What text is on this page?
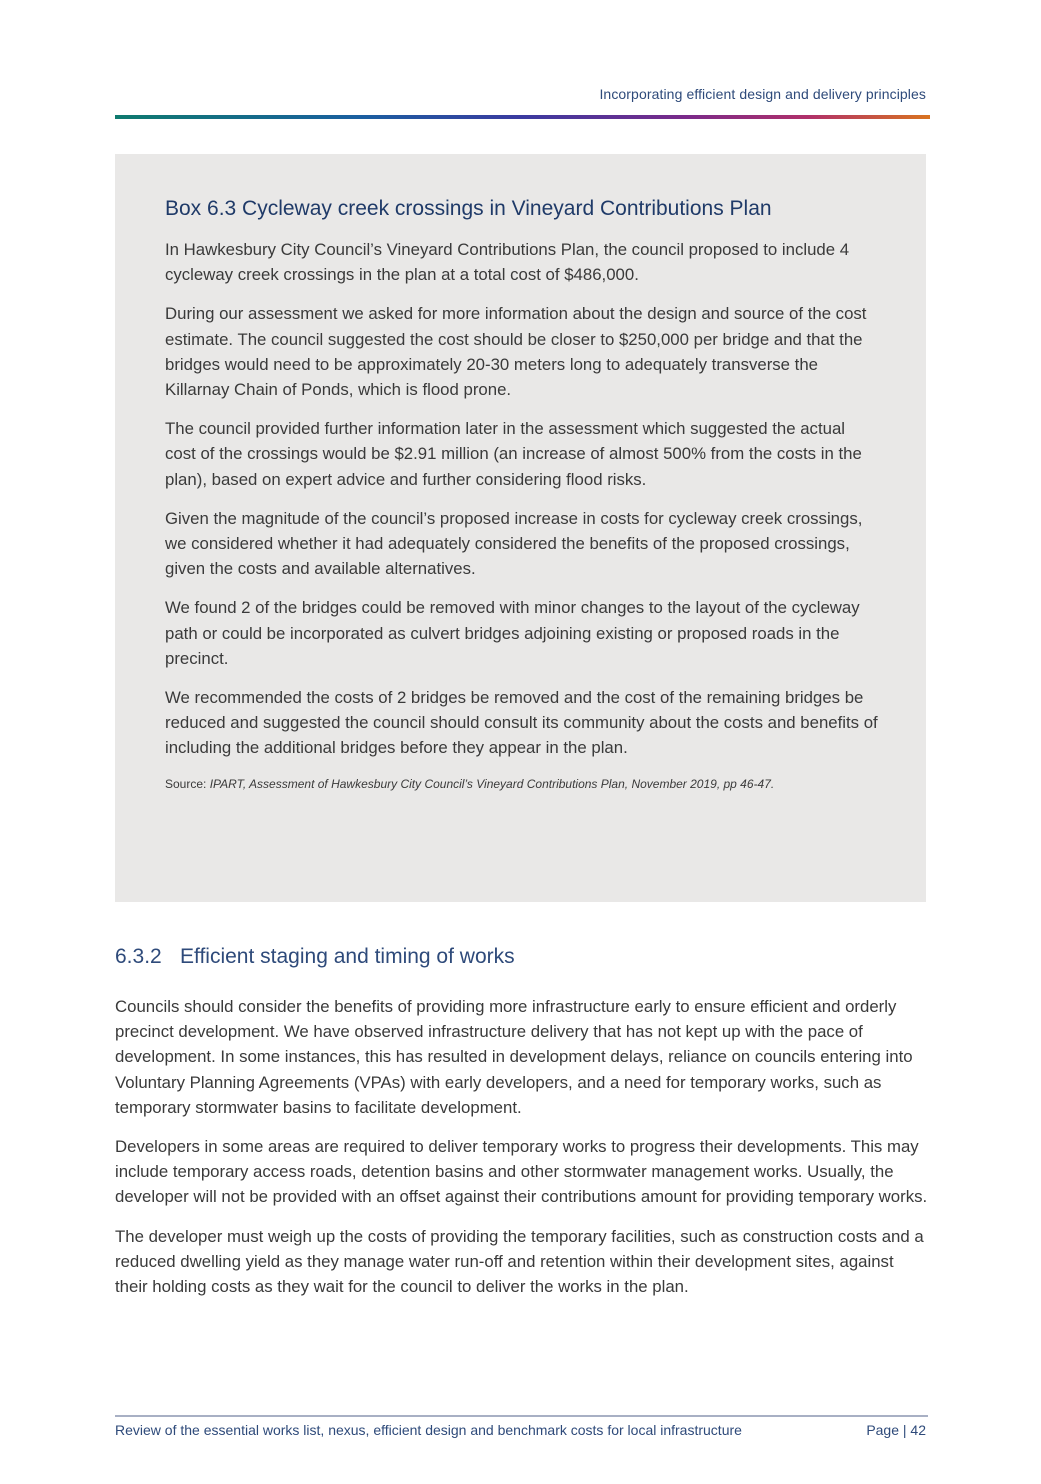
Incorporating efficient design and delivery principles
Box 6.3 Cycleway creek crossings in Vineyard Contributions Plan

In Hawkesbury City Council’s Vineyard Contributions Plan, the council proposed to include 4 cycleway creek crossings in the plan at a total cost of $486,000.

During our assessment we asked for more information about the design and source of the cost estimate. The council suggested the cost should be closer to $250,000 per bridge and that the bridges would need to be approximately 20-30 meters long to adequately transverse the Killarnay Chain of Ponds, which is flood prone.

The council provided further information later in the assessment which suggested the actual cost of the crossings would be $2.91 million (an increase of almost 500% from the costs in the plan), based on expert advice and further considering flood risks.

Given the magnitude of the council’s proposed increase in costs for cycleway creek crossings, we considered whether it had adequately considered the benefits of the proposed crossings, given the costs and available alternatives.

We found 2 of the bridges could be removed with minor changes to the layout of the cycleway path or could be incorporated as culvert bridges adjoining existing or proposed roads in the precinct.

We recommended the costs of 2 bridges be removed and the cost of the remaining bridges be reduced and suggested the council should consult its community about the costs and benefits of including the additional bridges before they appear in the plan.

Source: IPART, Assessment of Hawkesbury City Council’s Vineyard Contributions Plan, November 2019, pp 46-47.
6.3.2 Efficient staging and timing of works

Councils should consider the benefits of providing more infrastructure early to ensure efficient and orderly precinct development. We have observed infrastructure delivery that has not kept up with the pace of development. In some instances, this has resulted in development delays, reliance on councils entering into Voluntary Planning Agreements (VPAs) with early developers, and a need for temporary works, such as temporary stormwater basins to facilitate development.

Developers in some areas are required to deliver temporary works to progress their developments. This may include temporary access roads, detention basins and other stormwater management works. Usually, the developer will not be provided with an offset against their contributions amount for providing temporary works.

The developer must weigh up the costs of providing the temporary facilities, such as construction costs and a reduced dwelling yield as they manage water run-off and retention within their development sites, against their holding costs as they wait for the council to deliver the works in the plan.

Review of the essential works list, nexus, efficient design and benchmark costs for local infrastructure	Page | 42
